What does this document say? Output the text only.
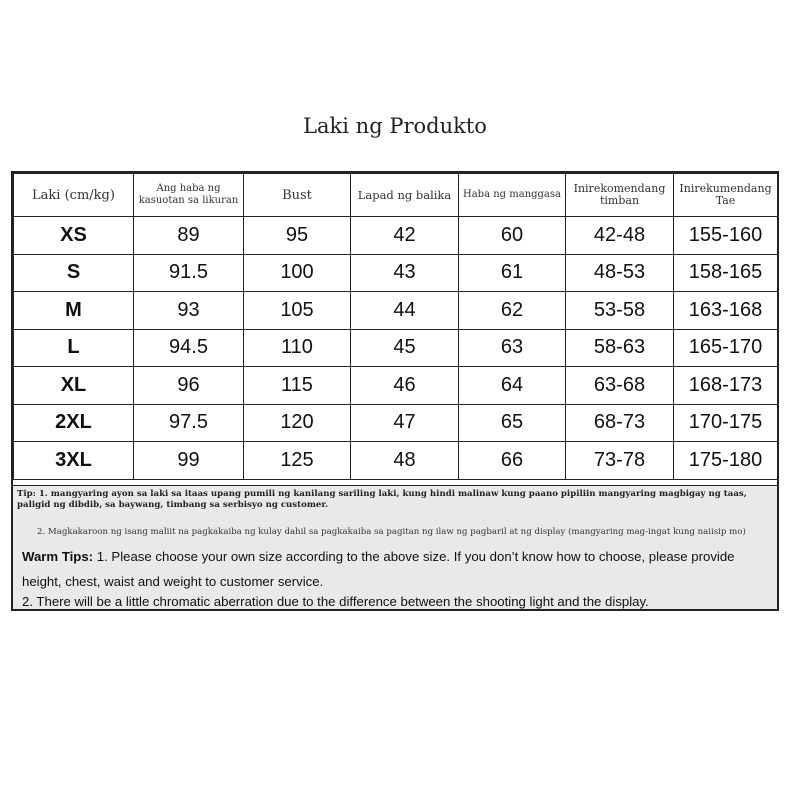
Laki ng Produkto
Laki (cm/kg)	Ang haba ng kasuotan sa likuran	Bust	Lapad ng balika	Haba ng manggasa	Inirekomendang timban	Inirekumendang Tae
XS	89	95	42	60	42-48	155-160
S	91.5	100	43	61	48-53	158-165
M	93	105	44	62	53-58	163-168
L	94.5	110	45	63	58-63	165-170
XL	96	115	46	64	63-68	168-173
2XL	97.5	120	47	65	68-73	170-175
3XL	99	125	48	66	73-78	175-180
Tip: 1. mangyaring ayon sa laki sa itaas upang pumili ng kanilang sariling laki, kung hindi malinaw kung paano pipiliin mangyaring magbigay ng taas, paligid ng dibdib, sa baywang, timbang sa serbisyo ng customer.
2. Magkakaroon ng isang maliit na pagkakaiba ng kulay dahil sa pagkakaiba sa pagitan ng ilaw ng pagbaril at ng display (mangyaring mag-ingat kung naiisip mo)
Warm Tips: 1. Please choose your own size according to the above size. If you don’t know how to choose, please provide height, chest, waist and weight to customer service.
2. There will be a little chromatic aberration due to the difference between the shooting light and the display.
